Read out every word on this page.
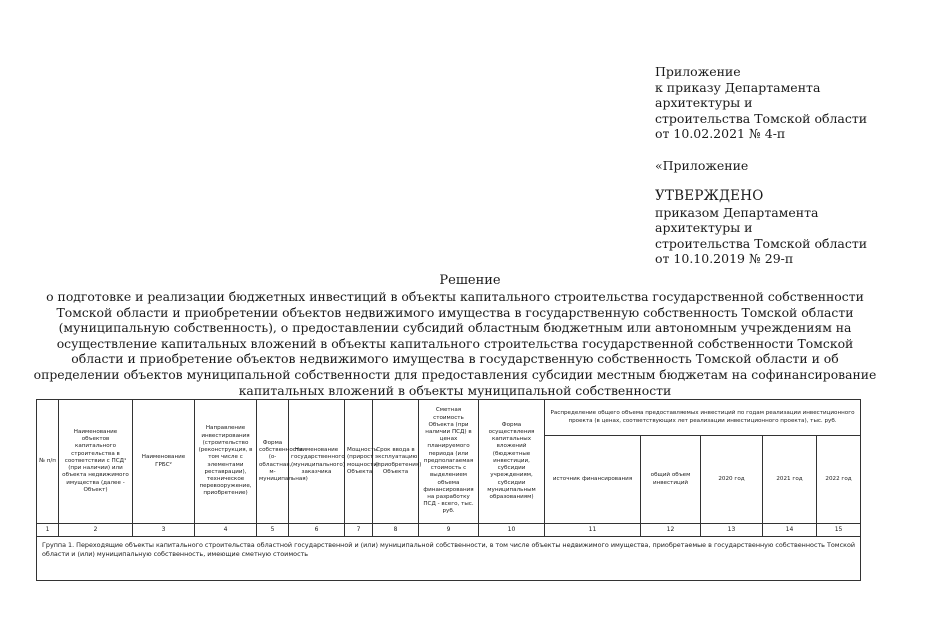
Приложение
к приказу Департамента
архитектуры и
строительства Томской области
от 10.02.2021 № 4-п
«Приложение
УТВЕРЖДЕНО
приказом Департамента
архитектуры и
строительства Томской области
от 10.10.2019 № 29-п
Решение
о подготовке и реализации бюджетных инвестиций в объекты капитального строительства государственной собственности Томской области и приобретении объектов недвижимого имущества в государственную собственность Томской области (муниципальную собственность), о предоставлении субсидий областным бюджетным или автономным учреждениям на осуществление капитальных вложений в объекты капитального строительства государственной собственности Томской области и приобретение объектов недвижимого имущества в государственную собственность Томской области и об определении объектов муниципальной собственности для предоставления субсидии местным бюджетам на софинансирование капитальных вложений в объекты муниципальной собственности
№ п/п	Наименование объектов капитального строительства в соответствии с ПСД¹ (при наличии) или объекта недвижимого имущества (далее - Объект)	Наименование ГРБС²	Направление инвестирования (строительство (реконструкция, в том числе с элементами реставрации), техническое перевооружение, приобретение)	Форма собственности (о-областная, м-муниципальная)	Наименование государственного (муниципального) заказчика	Мощность (прирост мощности) Объекта	Срок ввода в эксплуатацию (приобретения) Объекта	Сметная стоимость Объекта (при наличии ПСД) в ценах планируемого периода (или предполагаемая стоимость с выделением объема финансирования на разработку ПСД - всего, тыс. руб.	Форма осуществления капитальных вложений (бюджетные инвестиции, субсидии учреждениям, субсидии муниципальным образованиям)	Распределение общего объема предоставляемых инвестиций по годам реализации инвестиционного проекта (в ценах, соответствующих лет реализации инвестиционного проекта), тыс. руб.				
										источник финансирования	общий объем инвестиций	2020 год	2021 год	2022 год
1	2	3	4	5	6	7	8	9	10	11	12	13	14	15
Группа 1. Переходящие объекты капитального строительства областной государственной и (или) муниципальной собственности, в том числе объекты недвижимого имущества, приобретаемые в государственную собственность Томской области и (или) муниципальную собственность, имеющие сметную стоимость														
